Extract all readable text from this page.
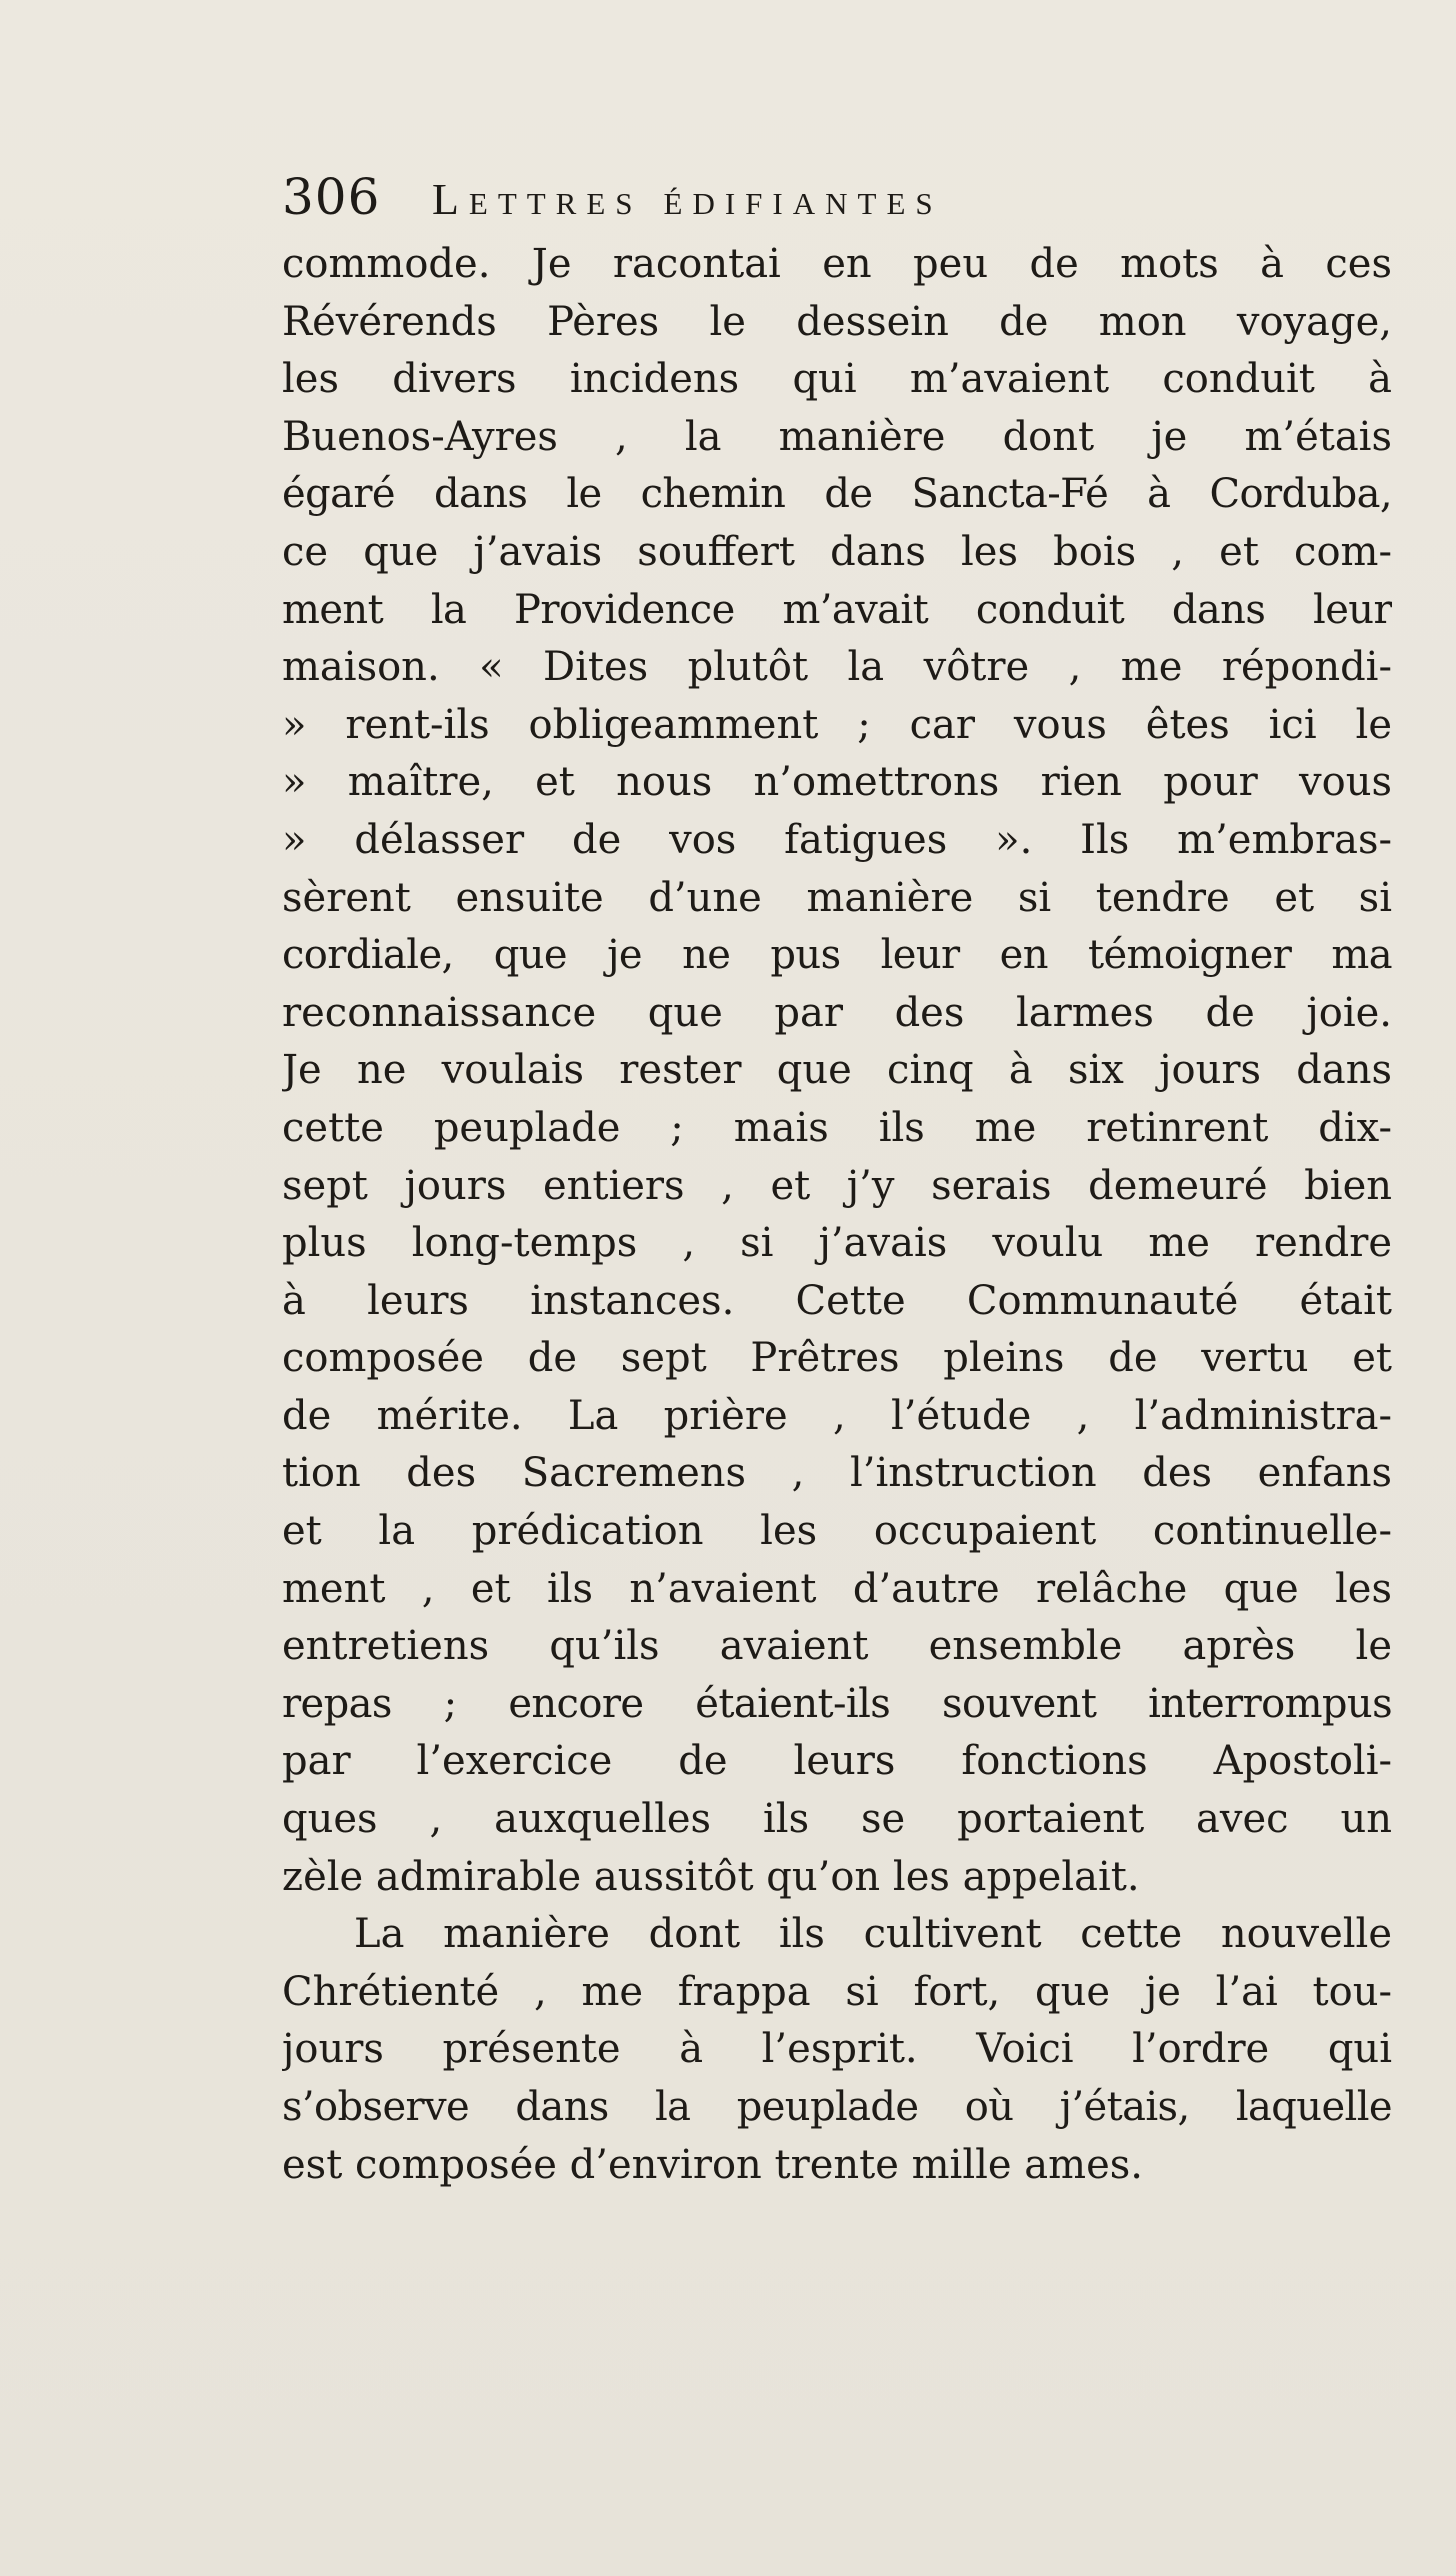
306	Lettres édifiantes
commode. Je racontai en peu de mots à ces
Révérends Pères le dessein de mon voyage,
les divers incidens qui m’avaient conduit à
Buenos-Ayres , la manière dont je m’étais
égaré dans le chemin de Sancta-Fé à Corduba,
ce que j’avais souffert dans les bois , et com-
ment la Providence m’avait conduit dans leur
maison. « Dites plutôt la vôtre , me répondi-
» rent-ils obligeamment ; car vous êtes ici le
» maître, et nous n’omettrons rien pour vous
» délasser de vos fatigues ». Ils m’embras-
sèrent ensuite d’une manière si tendre et si
cordiale, que je ne pus leur en témoigner ma
reconnaissance que par des larmes de joie.
Je ne voulais rester que cinq à six jours dans
cette peuplade ; mais ils me retinrent dix-
sept jours entiers , et j’y serais demeuré bien
plus long-temps , si j’avais voulu me rendre
à leurs instances. Cette Communauté était
composée de sept Prêtres pleins de vertu et
de mérite. La prière , l’étude , l’administra-
tion des Sacremens , l’instruction des enfans
et la prédication les occupaient continuelle-
ment , et ils n’avaient d’autre relâche que les
entretiens qu’ils avaient ensemble après le
repas ; encore étaient-ils souvent interrompus
par l’exercice de leurs fonctions Apostoli-
ques , auxquelles ils se portaient avec un
zèle admirable aussitôt qu’on les appelait.
La manière dont ils cultivent cette nouvelle
Chrétienté , me frappa si fort, que je l’ai tou-
jours présente à l’esprit. Voici l’ordre qui
s’observe dans la peuplade où j’étais, laquelle
est composée d’environ trente mille ames.
